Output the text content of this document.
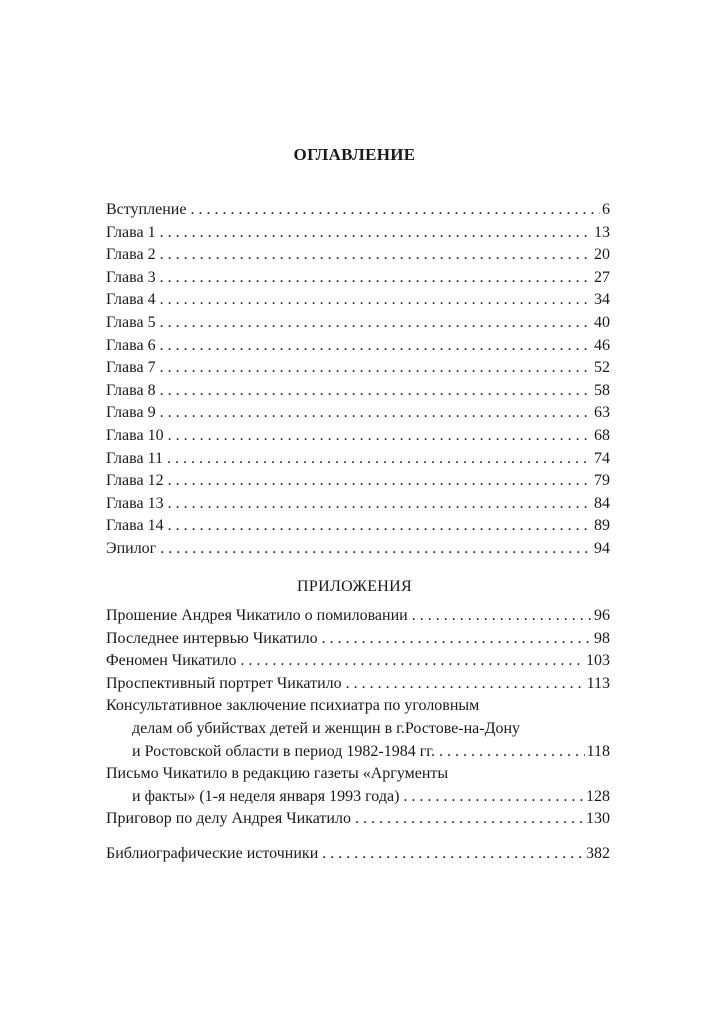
ОГЛАВЛЕНИЕ
Вступление . . .	6
Глава 1 . . .	13
Глава 2 . . .	20
Глава 3 . . .	27
Глава 4 . . .	34
Глава 5 . . .	40
Глава 6 . . .	46
Глава 7 . . .	52
Глава 8 . . .	58
Глава 9 . . .	63
Глава 10 . . .	68
Глава 11 . . .	74
Глава 12 . . .	79
Глава 13 . . .	84
Глава 14 . . .	89
Эпилог . . .	94
ПРИЛОЖЕНИЯ
Прошение Андрея Чикатило о помиловании . . .	96
Последнее интервью Чикатило . . .	98
Феномен Чикатило . . .	103
Проспективный портрет Чикатило . . .	113
Консультативное заключение психиатра по уголовным
делам об убийствах детей и женщин в г.Ростове-на-Дону
и Ростовской области в период 1982-1984 гг. . . .	118
Письмо Чикатило в редакцию газеты «Аргументы
и факты» (1-я неделя января 1993 года) . . .	128
Приговор по делу Андрея Чикатило . . .	130
Библиографические источники . . .	382
